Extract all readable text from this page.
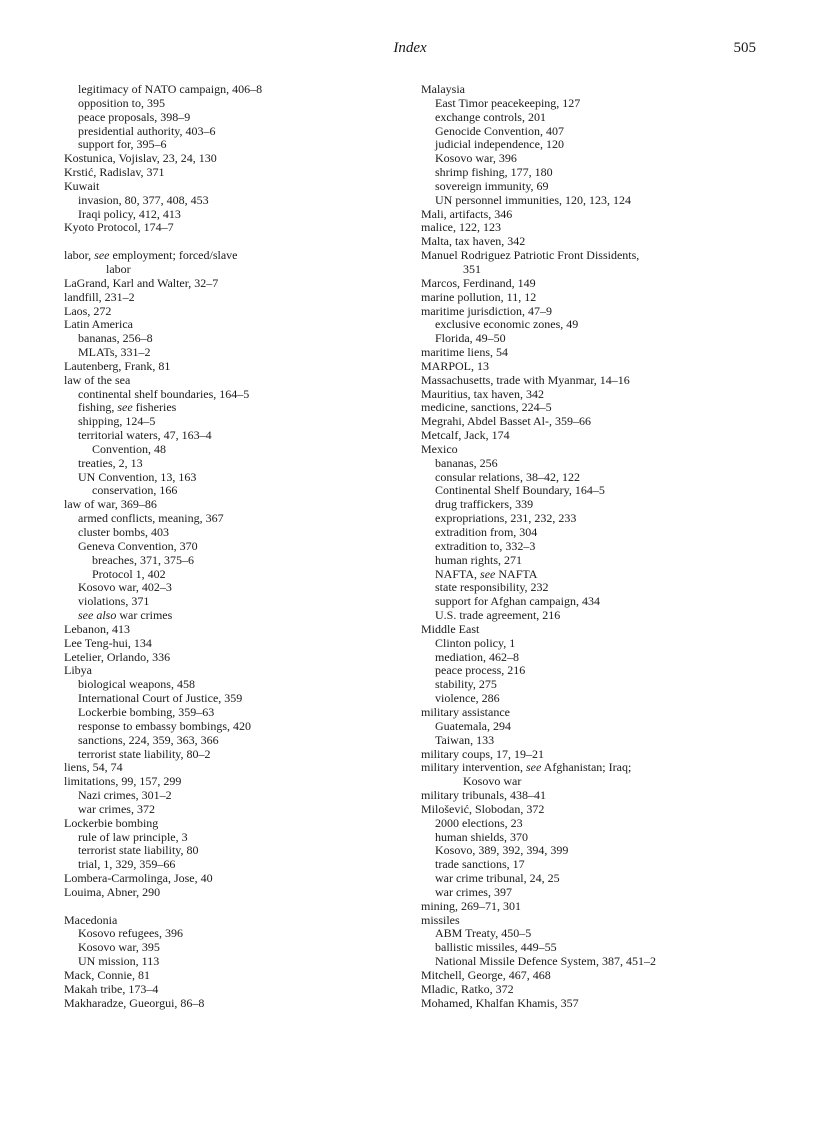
Index	505
legitimacy of NATO campaign, 406–8
opposition to, 395
peace proposals, 398–9
presidential authority, 403–6
support for, 395–6
Kostunica, Vojislav, 23, 24, 130
Krstić, Radislav, 371
Kuwait
invasion, 80, 377, 408, 453
Iraqi policy, 412, 413
Kyoto Protocol, 174–7
labor, see employment; forced/slave
labor
LaGrand, Karl and Walter, 32–7
landfill, 231–2
Laos, 272
Latin America
bananas, 256–8
MLATs, 331–2
Lautenberg, Frank, 81
law of the sea
continental shelf boundaries, 164–5
fishing, see fisheries
shipping, 124–5
territorial waters, 47, 163–4
Convention, 48
treaties, 2, 13
UN Convention, 13, 163
conservation, 166
law of war, 369–86
armed conflicts, meaning, 367
cluster bombs, 403
Geneva Convention, 370
breaches, 371, 375–6
Protocol 1, 402
Kosovo war, 402–3
violations, 371
see also war crimes
Lebanon, 413
Lee Teng-hui, 134
Letelier, Orlando, 336
Libya
biological weapons, 458
International Court of Justice, 359
Lockerbie bombing, 359–63
response to embassy bombings, 420
sanctions, 224, 359, 363, 366
terrorist state liability, 80–2
liens, 54, 74
limitations, 99, 157, 299
Nazi crimes, 301–2
war crimes, 372
Lockerbie bombing
rule of law principle, 3
terrorist state liability, 80
trial, 1, 329, 359–66
Lombera-Carmolinga, Jose, 40
Louima, Abner, 290
Macedonia
Kosovo refugees, 396
Kosovo war, 395
UN mission, 113
Mack, Connie, 81
Makah tribe, 173–4
Makharadze, Gueorgui, 86–8
Malaysia
East Timor peacekeeping, 127
exchange controls, 201
Genocide Convention, 407
judicial independence, 120
Kosovo war, 396
shrimp fishing, 177, 180
sovereign immunity, 69
UN personnel immunities, 120, 123, 124
Mali, artifacts, 346
malice, 122, 123
Malta, tax haven, 342
Manuel Rodriguez Patriotic Front Dissidents,
351
Marcos, Ferdinand, 149
marine pollution, 11, 12
maritime jurisdiction, 47–9
exclusive economic zones, 49
Florida, 49–50
maritime liens, 54
MARPOL, 13
Massachusetts, trade with Myanmar, 14–16
Mauritius, tax haven, 342
medicine, sanctions, 224–5
Megrahi, Abdel Basset Al-, 359–66
Metcalf, Jack, 174
Mexico
bananas, 256
consular relations, 38–42, 122
Continental Shelf Boundary, 164–5
drug traffickers, 339
expropriations, 231, 232, 233
extradition from, 304
extradition to, 332–3
human rights, 271
NAFTA, see NAFTA
state responsibility, 232
support for Afghan campaign, 434
U.S. trade agreement, 216
Middle East
Clinton policy, 1
mediation, 462–8
peace process, 216
stability, 275
violence, 286
military assistance
Guatemala, 294
Taiwan, 133
military coups, 17, 19–21
military intervention, see Afghanistan; Iraq;
Kosovo war
military tribunals, 438–41
Milošević, Slobodan, 372
2000 elections, 23
human shields, 370
Kosovo, 389, 392, 394, 399
trade sanctions, 17
war crime tribunal, 24, 25
war crimes, 397
mining, 269–71, 301
missiles
ABM Treaty, 450–5
ballistic missiles, 449–55
National Missile Defence System, 387, 451–2
Mitchell, George, 467, 468
Mladic, Ratko, 372
Mohamed, Khalfan Khamis, 357
